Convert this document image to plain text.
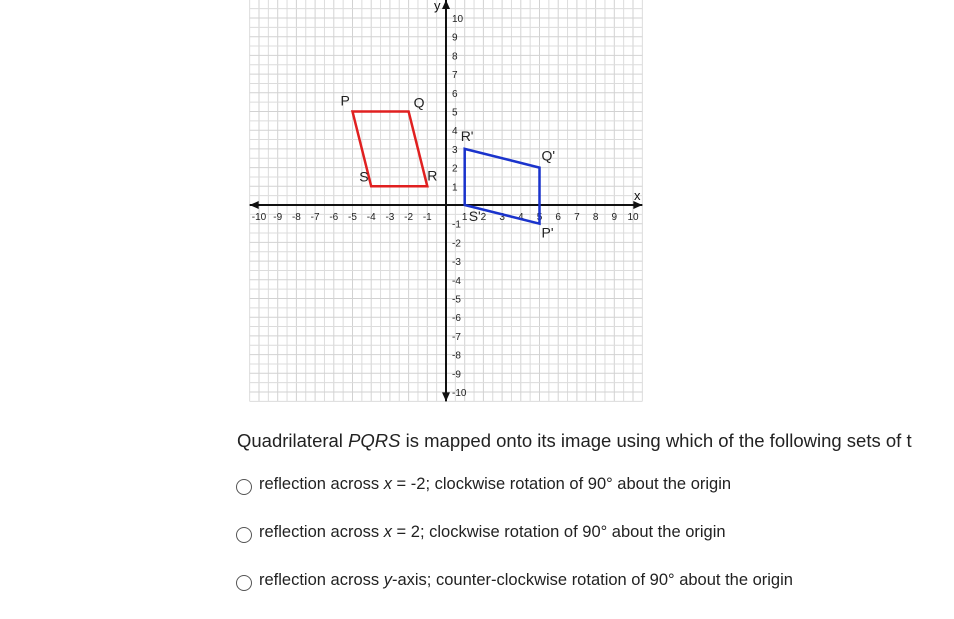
x
y
-10 -9 -8 -7 -6 -5 -4 -3 -2 -1	1 2 3 4 5 6 7 8 9 10
10
9
8
7
6
5
4
3
2
1
-1
-2
-3
-4
-5
-6
-7
-8
-9
-10
P	Q
R
S
P'
Q'
R'
S'

Quadrilateral PQRS is mapped onto its image using which of the following sets of t

reflection across x = -2; clockwise rotation of 90° about the origin
reflection across x = 2; clockwise rotation of 90° about the origin
reflection across y-axis; counter-clockwise rotation of 90° about the origin
